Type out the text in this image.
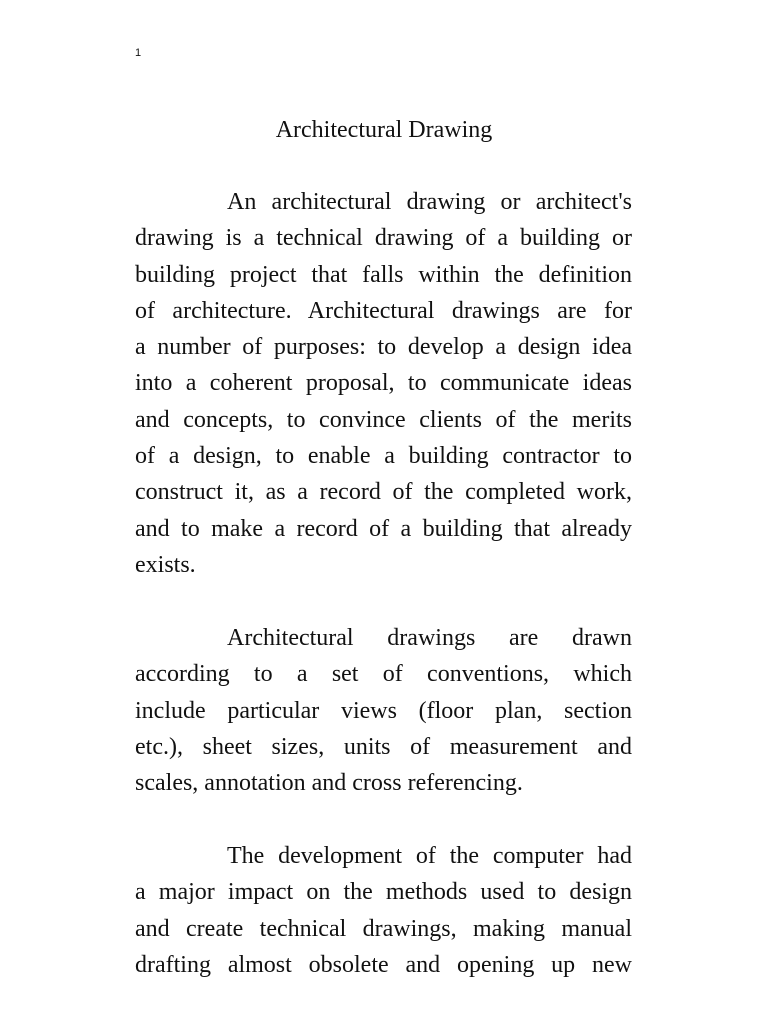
1
Architectural Drawing

An architectural drawing or architect's
drawing is a technical drawing of a building or
building project that falls within the definition
of architecture. Architectural drawings are for
a number of purposes: to develop a design idea
into a coherent proposal, to communicate ideas
and concepts, to convince clients of the merits
of a design, to enable a building contractor to
construct it, as a record of the completed work,
and to make a record of a building that already
exists.

Architectural drawings are drawn
according to a set of conventions, which
include particular views (floor plan, section
etc.), sheet sizes, units of measurement and
scales, annotation and cross referencing.

The development of the computer had
a major impact on the methods used to design
and create technical drawings, making manual
drafting almost obsolete and opening up new
